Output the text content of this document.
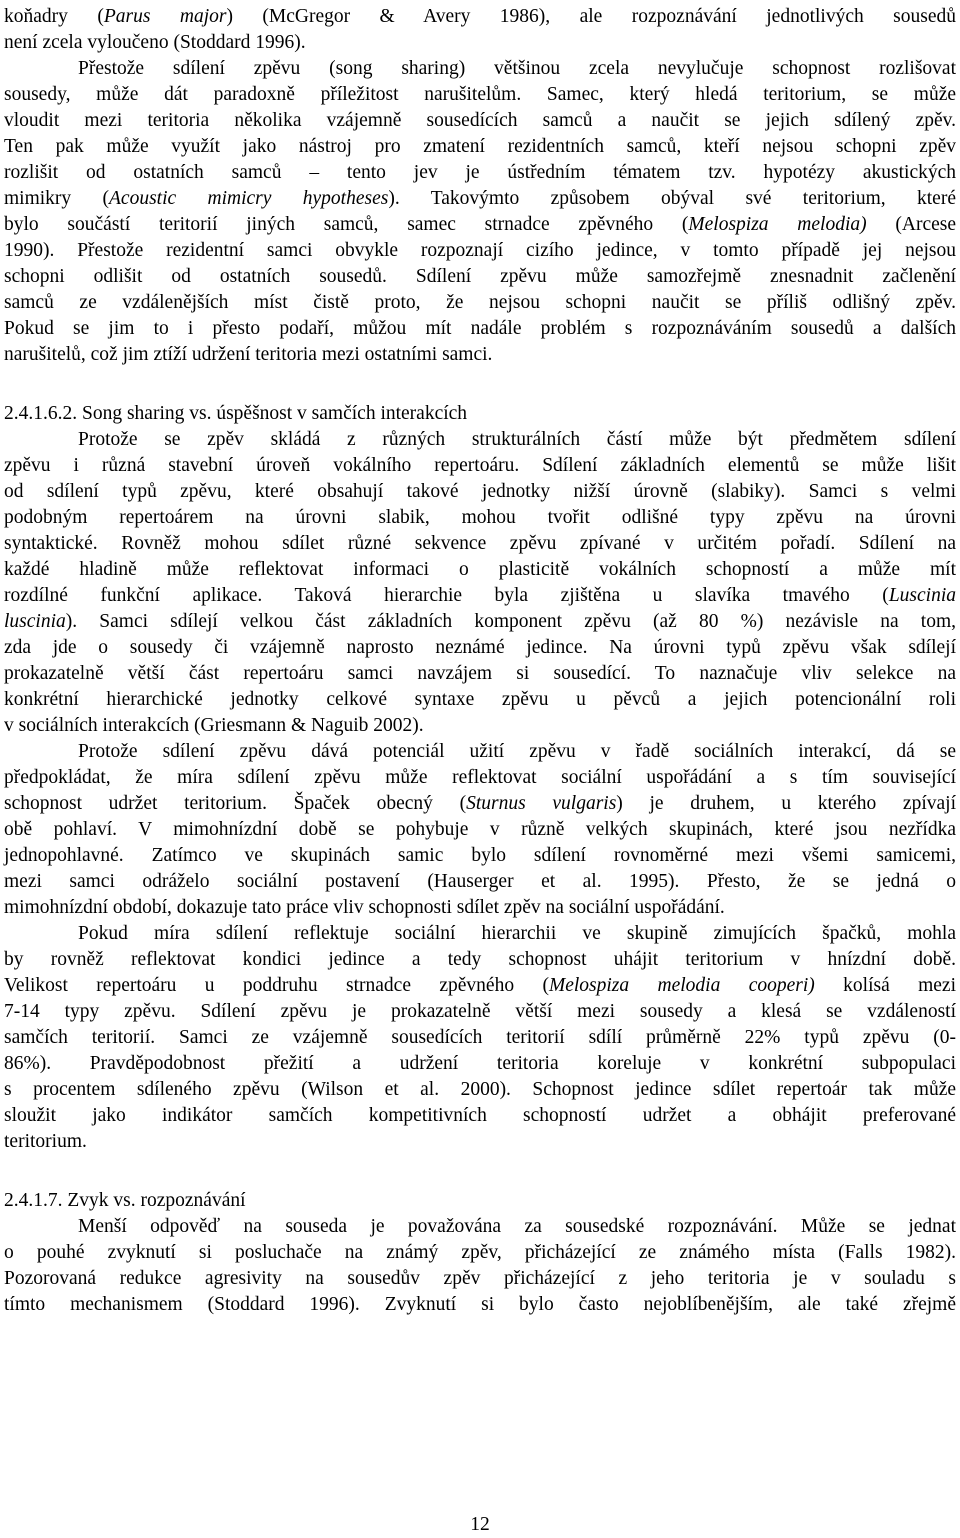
koňadry (Parus major) (McGregor & Avery 1986), ale rozpoznávání jednotlivých sousedů
není zcela vyloučeno (Stoddard 1996).
Přestože sdílení zpěvu (song sharing) většinou zcela nevylučuje schopnost rozlišovat
sousedy, může dát paradoxně příležitost narušitelům. Samec, který hledá teritorium, se může
vloudit mezi teritoria několika vzájemně sousedících samců a naučit se jejich sdílený zpěv.
Ten pak může využít jako nástroj pro zmatení rezidentních samců, kteří nejsou schopni zpěv
rozlišit od ostatních samců – tento jev je ústředním tématem tzv. hypotézy akustických
mimikry (Acoustic mimicry hypotheses). Takovýmto způsobem obýval své teritorium, které
bylo součástí teritorií jiných samců, samec strnadce zpěvného (Melospiza melodia) (Arcese
1990). Přestože rezidentní samci obvykle rozpoznají cizího jedince, v tomto případě jej nejsou
schopni odlišit od ostatních sousedů. Sdílení zpěvu může samozřejmě znesnadnit začlenění
samců ze vzdálenějších míst čistě proto, že nejsou schopni naučit se příliš odlišný zpěv.
Pokud se jim to i přesto podaří, můžou mít nadále problém s rozpoznáváním sousedů a dalších
narušitelů, což jim ztíží udržení teritoria mezi ostatními samci.
2.4.1.6.2. Song sharing vs. úspěšnost v samčích interakcích
Protože se zpěv skládá z různých strukturálních částí může být předmětem sdílení
zpěvu i různá stavební úroveň vokálního repertoáru. Sdílení základních elementů se může lišit
od sdílení typů zpěvu, které obsahují takové jednotky nižší úrovně (slabiky). Samci s velmi
podobným repertoárem na úrovni slabik, mohou tvořit odlišné typy zpěvu na úrovni
syntaktické. Rovněž mohou sdílet různé sekvence zpěvu zpívané v určitém pořadí. Sdílení na
každé hladině může reflektovat informaci o plasticitě vokálních schopností a může mít
rozdílné funkční aplikace. Taková hierarchie byla zjištěna u slavíka tmavého (Luscinia
luscinia). Samci sdílejí velkou část základních komponent zpěvu (až 80 %) nezávisle na tom,
zda jde o sousedy či vzájemně naprosto neznámé jedince. Na úrovni typů zpěvu však sdílejí
prokazatelně větší část repertoáru samci navzájem si sousedící. To naznačuje vliv selekce na
konkrétní hierarchické jednotky celkové syntaxe zpěvu u pěvců a jejich potencionální roli
v sociálních interakcích (Griesmann & Naguib 2002).
Protože sdílení zpěvu dává potenciál užití zpěvu v řadě sociálních interakcí, dá se
předpokládat, že míra sdílení zpěvu může reflektovat sociální uspořádání a s tím související
schopnost udržet teritorium. Špaček obecný (Sturnus vulgaris) je druhem, u kterého zpívají
obě pohlaví. V mimohnízdní době se pohybuje v různě velkých skupinách, které jsou nezřídka
jednopohlavné. Zatímco ve skupinách samic bylo sdílení rovnoměrné mezi všemi samicemi,
mezi samci odráželo sociální postavení (Hauserger et al. 1995). Přesto, že se jedná o
mimohnízdní období, dokazuje tato práce vliv schopnosti sdílet zpěv na sociální uspořádání.
Pokud míra sdílení reflektuje sociální hierarchii ve skupině zimujících špačků, mohla
by rovněž reflektovat kondici jedince a tedy schopnost uhájit teritorium v hnízdní době.
Velikost repertoáru u poddruhu strnadce zpěvného (Melospiza melodia cooperi) kolísá mezi
7-14 typy zpěvu. Sdílení zpěvu je prokazatelně větší mezi sousedy a klesá se vzdáleností
samčích teritorií. Samci ze vzájemně sousedících teritorií sdílí průměrně 22% typů zpěvu (0-
86%). Pravděpodobnost přežití a udržení teritoria koreluje v konkrétní subpopulaci
s procentem sdíleného zpěvu (Wilson et al. 2000). Schopnost jedince sdílet repertoár tak může
sloužit jako indikátor samčích kompetitivních schopností udržet a obhájit preferované
teritorium.
2.4.1.7. Zvyk vs. rozpoznávání
Menší odpověď na souseda je považována za sousedské rozpoznávání. Může se jednat
o pouhé zvyknutí si posluchače na známý zpěv, přicházející ze známého místa (Falls 1982).
Pozorovaná redukce agresivity na sousedův zpěv přicházející z jeho teritoria je v souladu s
tímto mechanismem (Stoddard 1996). Zvyknutí si bylo často nejoblíbenějším, ale také zřejmě
12
